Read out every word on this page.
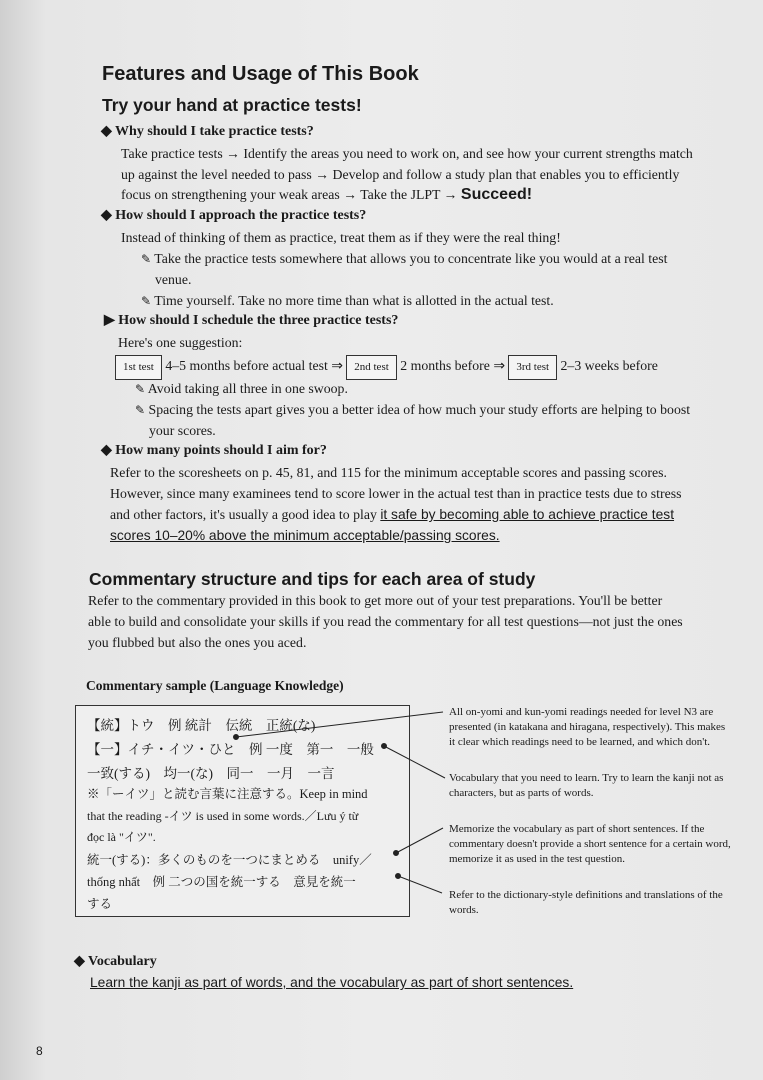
Features and Usage of This Book
Try your hand at practice tests!
◆ Why should I take practice tests?
Take practice tests → Identify the areas you need to work on, and see how your current strengths match
up against the level needed to pass → Develop and follow a study plan that enables you to efficiently
focus on strengthening your weak areas → Take the JLPT → Succeed!
◆ How should I approach the practice tests?
Instead of thinking of them as practice, treat them as if they were the real thing!
✎ Take the practice tests somewhere that allows you to concentrate like you would at a real test
venue.
✎ Time yourself. Take no more time than what is allotted in the actual test.
▶ How should I schedule the three practice tests?
Here's one suggestion:
1st test 4–5 months before actual test ⇒ 2nd test 2 months before ⇒ 3rd test 2–3 weeks before
✎ Avoid taking all three in one swoop.
✎ Spacing the tests apart gives you a better idea of how much your study efforts are helping to boost
your scores.
◆ How many points should I aim for?
Refer to the scoresheets on p. 45, 81, and 115 for the minimum acceptable scores and passing scores.
However, since many examinees tend to score lower in the actual test than in practice tests due to stress
and other factors, it's usually a good idea to play it safe by becoming able to achieve practice test
scores 10–20% above the minimum acceptable/passing scores.
Commentary structure and tips for each area of study
Refer to the commentary provided in this book to get more out of your test preparations. You'll be better
able to build and consolidate your skills if you read the commentary for all test questions—not just the ones
you flubbed but also the ones you aced.
Commentary sample (Language Knowledge)
【統】トウ　例 統計　伝統　正統(な)
【一】イチ・イツ・ひと　例 一度　第一　一般
一致(する)　均一(な)　同一　一月　一言
※「ーイツ」と読む言葉に注意する。Keep in mind
that the reading -イツ is used in some words.／Lưu ý từ
đọc là "イツ".
統一(する)：多くのものを一つにまとめる　unify／
thống nhất　例 二つの国を統一する　意見を統一
する
All on-yomi and kun-yomi readings needed for level N3 are
presented (in katakana and hiragana, respectively). This makes
it clear which readings need to be learned, and which don't.
Vocabulary that you need to learn. Try to learn the kanji not as
characters, but as parts of words.
Memorize the vocabulary as part of short sentences. If the
commentary doesn't provide a short sentence for a certain word,
memorize it as used in the test question.
Refer to the dictionary-style definitions and translations of the
words.
◆ Vocabulary
Learn the kanji as part of words, and the vocabulary as part of short sentences.
8
